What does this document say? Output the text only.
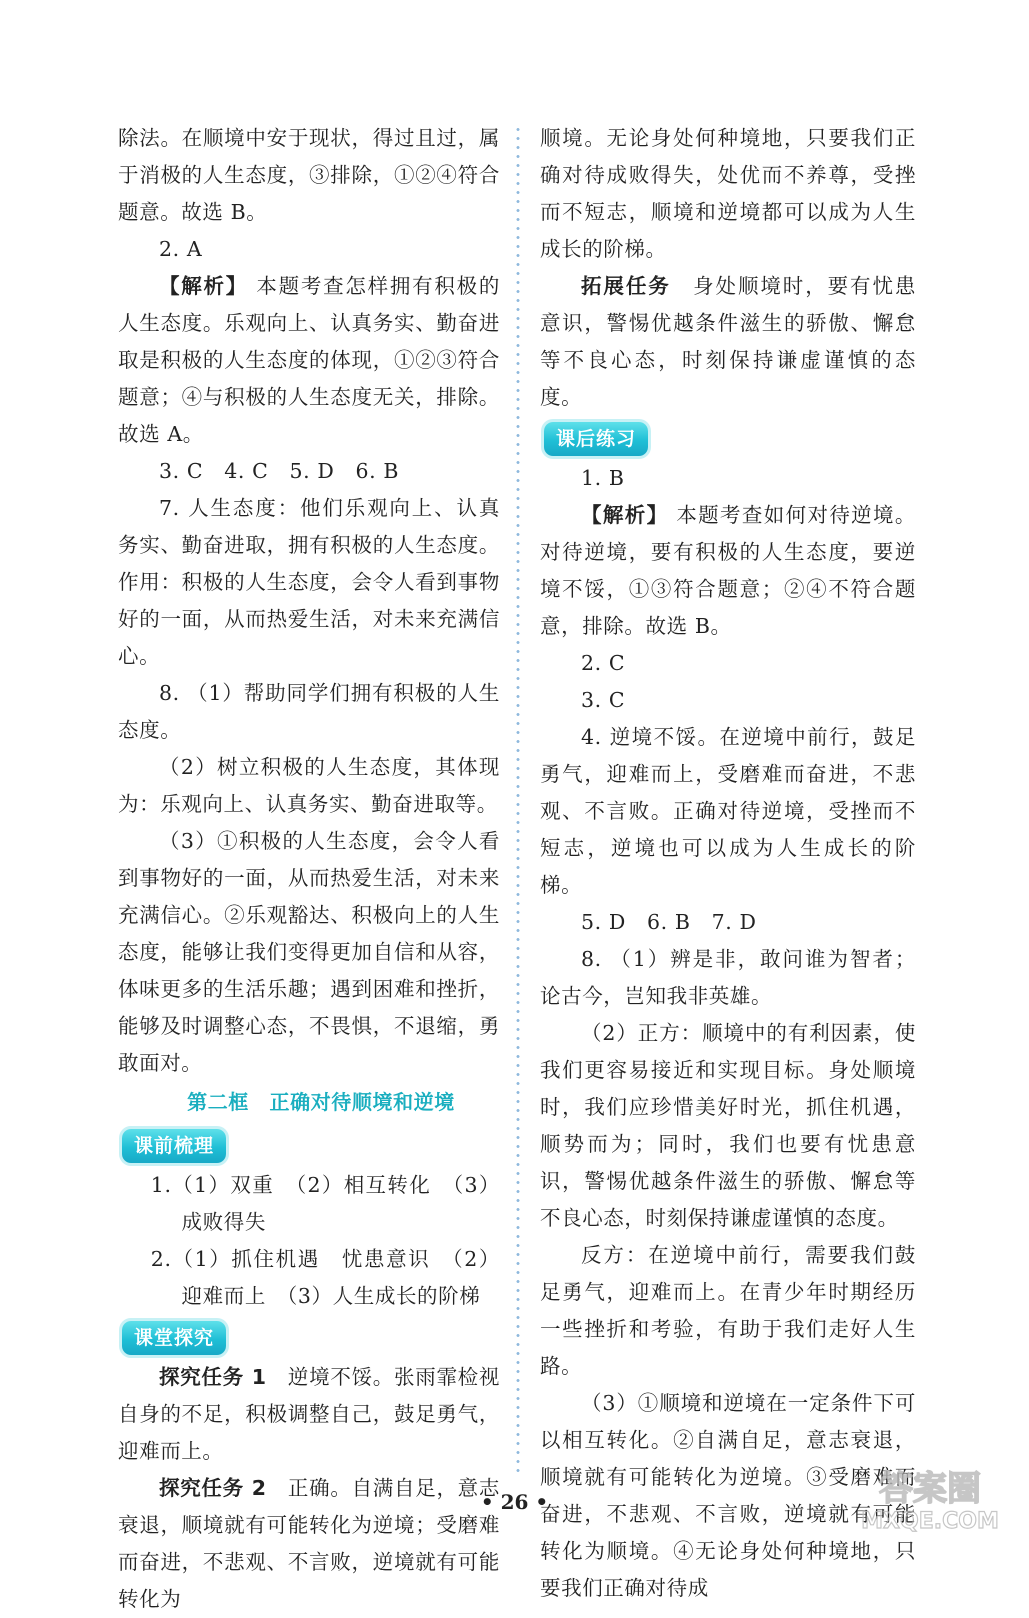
除法。在顺境中安于现状，得过且过，属于消极的人生态度，③排除，①②④符合题意。故选 B。

2. A

【解析】 本题考查怎样拥有积极的人生态度。乐观向上、认真务实、勤奋进取是积极的人生态度的体现，①②③符合题意；④与积极的人生态度无关，排除。故选 A。

3. C　4. C　5. D　6. B

7. 人生态度：他们乐观向上、认真务实、勤奋进取，拥有积极的人生态度。作用：积极的人生态度，会令人看到事物好的一面，从而热爱生活，对未来充满信心。

8. （1）帮助同学们拥有积极的人生态度。

（2）树立积极的人生态度，其体现为：乐观向上、认真务实、勤奋进取等。

（3）①积极的人生态度，会令人看到事物好的一面，从而热爱生活，对未来充满信心。②乐观豁达、积极向上的人生态度，能够让我们变得更加自信和从容，体味更多的生活乐趣；遇到困难和挫折，能够及时调整心态，不畏惧，不退缩，勇敢面对。

第二框　正确对待顺境和逆境
课前梳理

1.（1）双重　（2）相互转化　（3）成败得失

2.（1）抓住机遇　忧患意识　（2）迎难而上　（3）人生成长的阶梯

课堂探究

探究任务 1　逆境不馁。张雨霏检视自身的不足，积极调整自己，鼓足勇气，迎难而上。

探究任务 2　正确。自满自足，意志衰退，顺境就有可能转化为逆境；受磨难而奋进，不悲观、不言败，逆境就有可能转化为

顺境。无论身处何种境地，只要我们正确对待成败得失，处优而不养尊，受挫而不短志，顺境和逆境都可以成为人生成长的阶梯。

拓展任务　身处顺境时，要有忧患意识，警惕优越条件滋生的骄傲、懈怠等不良心态，时刻保持谦虚谨慎的态度。

课后练习

1. B

【解析】 本题考查如何对待逆境。对待逆境，要有积极的人生态度，要逆境不馁，①③符合题意；②④不符合题意，排除。故选 B。

2. C

3. C

4. 逆境不馁。在逆境中前行，鼓足勇气，迎难而上，受磨难而奋进，不悲观、不言败。正确对待逆境，受挫而不短志，逆境也可以成为人生成长的阶梯。

5. D　6. B　7. D

8. （1）辨是非，敢问谁为智者；论古今，岂知我非英雄。

（2）正方：顺境中的有利因素，使我们更容易接近和实现目标。身处顺境时，我们应珍惜美好时光，抓住机遇，顺势而为；同时，我们也要有忧患意识，警惕优越条件滋生的骄傲、懈怠等不良心态，时刻保持谦虚谨慎的态度。

反方：在逆境中前行，需要我们鼓足勇气，迎难而上。在青少年时期经历一些挫折和考验，有助于我们走好人生路。

（3）①顺境和逆境在一定条件下可以相互转化。②自满自足，意志衰退，顺境就有可能转化为逆境。③受磨难而奋进，不悲观、不言败，逆境就有可能转化为顺境。④无论身处何种境地，只要我们正确对待成

• 26 •	答案圈
MXQE.COM
